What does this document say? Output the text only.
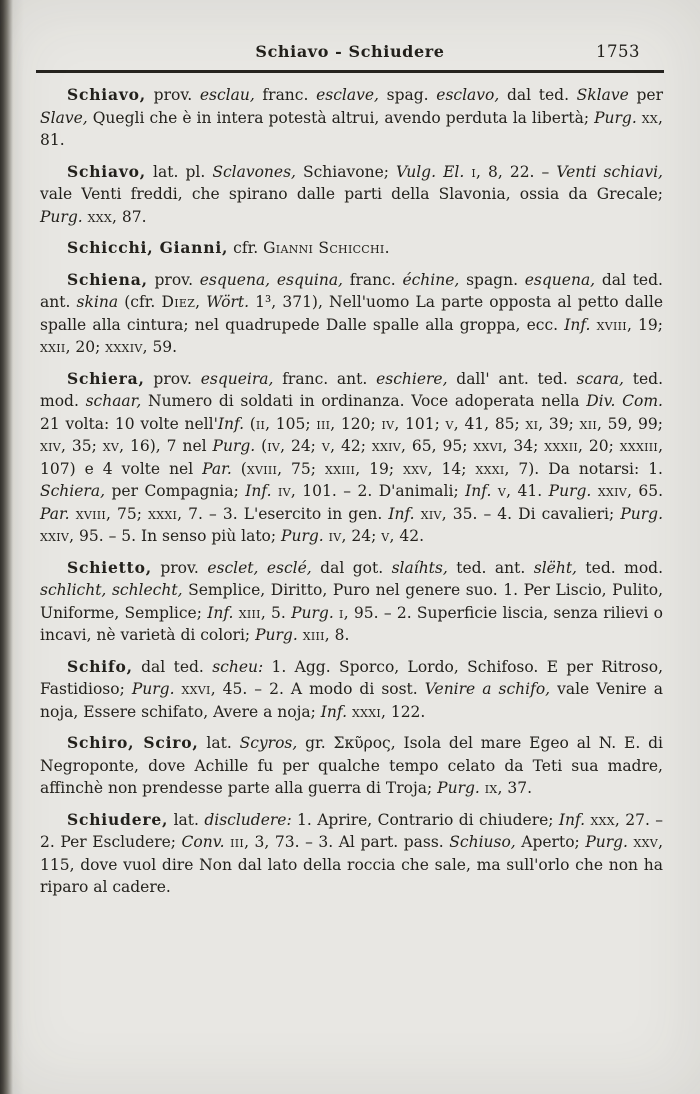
Schiavo - Schiudere	1753

Schiavo, prov. esclau, franc. esclave, spag. esclavo, dal ted. Sklave per Slave, Quegli che è in intera potestà altrui, avendo perduta la libertà; Purg. xx, 81.

Schiavo, lat. pl. Sclavones, Schiavone; Vulg. El. i, 8, 22. – Venti schiavi, vale Venti freddi, che spirano dalle parti della Slavonia, ossia da Grecale; Purg. xxx, 87.

Schicchi, Gianni, cfr. Gianni Schicchi.

Schiena, prov. esquena, esquina, franc. échine, spagn. esquena, dal ted. ant. skina (cfr. Diez, Wört. 1³, 371), Nell'uomo La parte opposta al petto dalle spalle alla cintura; nel quadrupede Dalle spalle alla groppa, ecc. Inf. xviii, 19; xxii, 20; xxxiv, 59.

Schiera, prov. esqueira, franc. ant. eschiere, dall' ant. ted. scara, ted. mod. schaar, Numero di soldati in ordinanza. Voce adoperata nella Div. Com. 21 volta: 10 volte nell'Inf. (ii, 105; iii, 120; iv, 101; v, 41, 85; xi, 39; xii, 59, 99; xiv, 35; xv, 16), 7 nel Purg. (iv, 24; v, 42; xxiv, 65, 95; xxvi, 34; xxxii, 20; xxxiii, 107) e 4 volte nel Par. (xviii, 75; xxiii, 19; xxv, 14; xxxi, 7). Da notarsi: 1. Schiera, per Compagnia; Inf. iv, 101. – 2. D'animali; Inf. v, 41. Purg. xxiv, 65. Par. xviii, 75; xxxi, 7. – 3. L'esercito in gen. Inf. xiv, 35. – 4. Di cavalieri; Purg. xxiv, 95. – 5. In senso più lato; Purg. iv, 24; v, 42.

Schietto, prov. esclet, esclé, dal got. slaíhts, ted. ant. slëht, ted. mod. schlicht, schlecht, Semplice, Diritto, Puro nel genere suo. 1. Per Liscio, Pulito, Uniforme, Semplice; Inf. xiii, 5. Purg. i, 95. – 2. Superficie liscia, senza rilievi o incavi, nè varietà di colori; Purg. xiii, 8.

Schifo, dal ted. scheu: 1. Agg. Sporco, Lordo, Schifoso. E per Ritroso, Fastidioso; Purg. xxvi, 45. – 2. A modo di sost. Venire a schifo, vale Venire a noja, Essere schifato, Avere a noja; Inf. xxxi, 122.

Schiro, Sciro, lat. Scyros, gr. Σκῦρος, Isola del mare Egeo al N. E. di Negroponte, dove Achille fu per qualche tempo celato da Teti sua madre, affinchè non prendesse parte alla guerra di Troja; Purg. ix, 37.

Schiudere, lat. discludere: 1. Aprire, Contrario di chiudere; Inf. xxx, 27. – 2. Per Escludere; Conv. iii, 3, 73. – 3. Al part. pass. Schiuso, Aperto; Purg. xxv, 115, dove vuol dire Non dal lato della roccia che sale, ma sull'orlo che non ha riparo al cadere.
